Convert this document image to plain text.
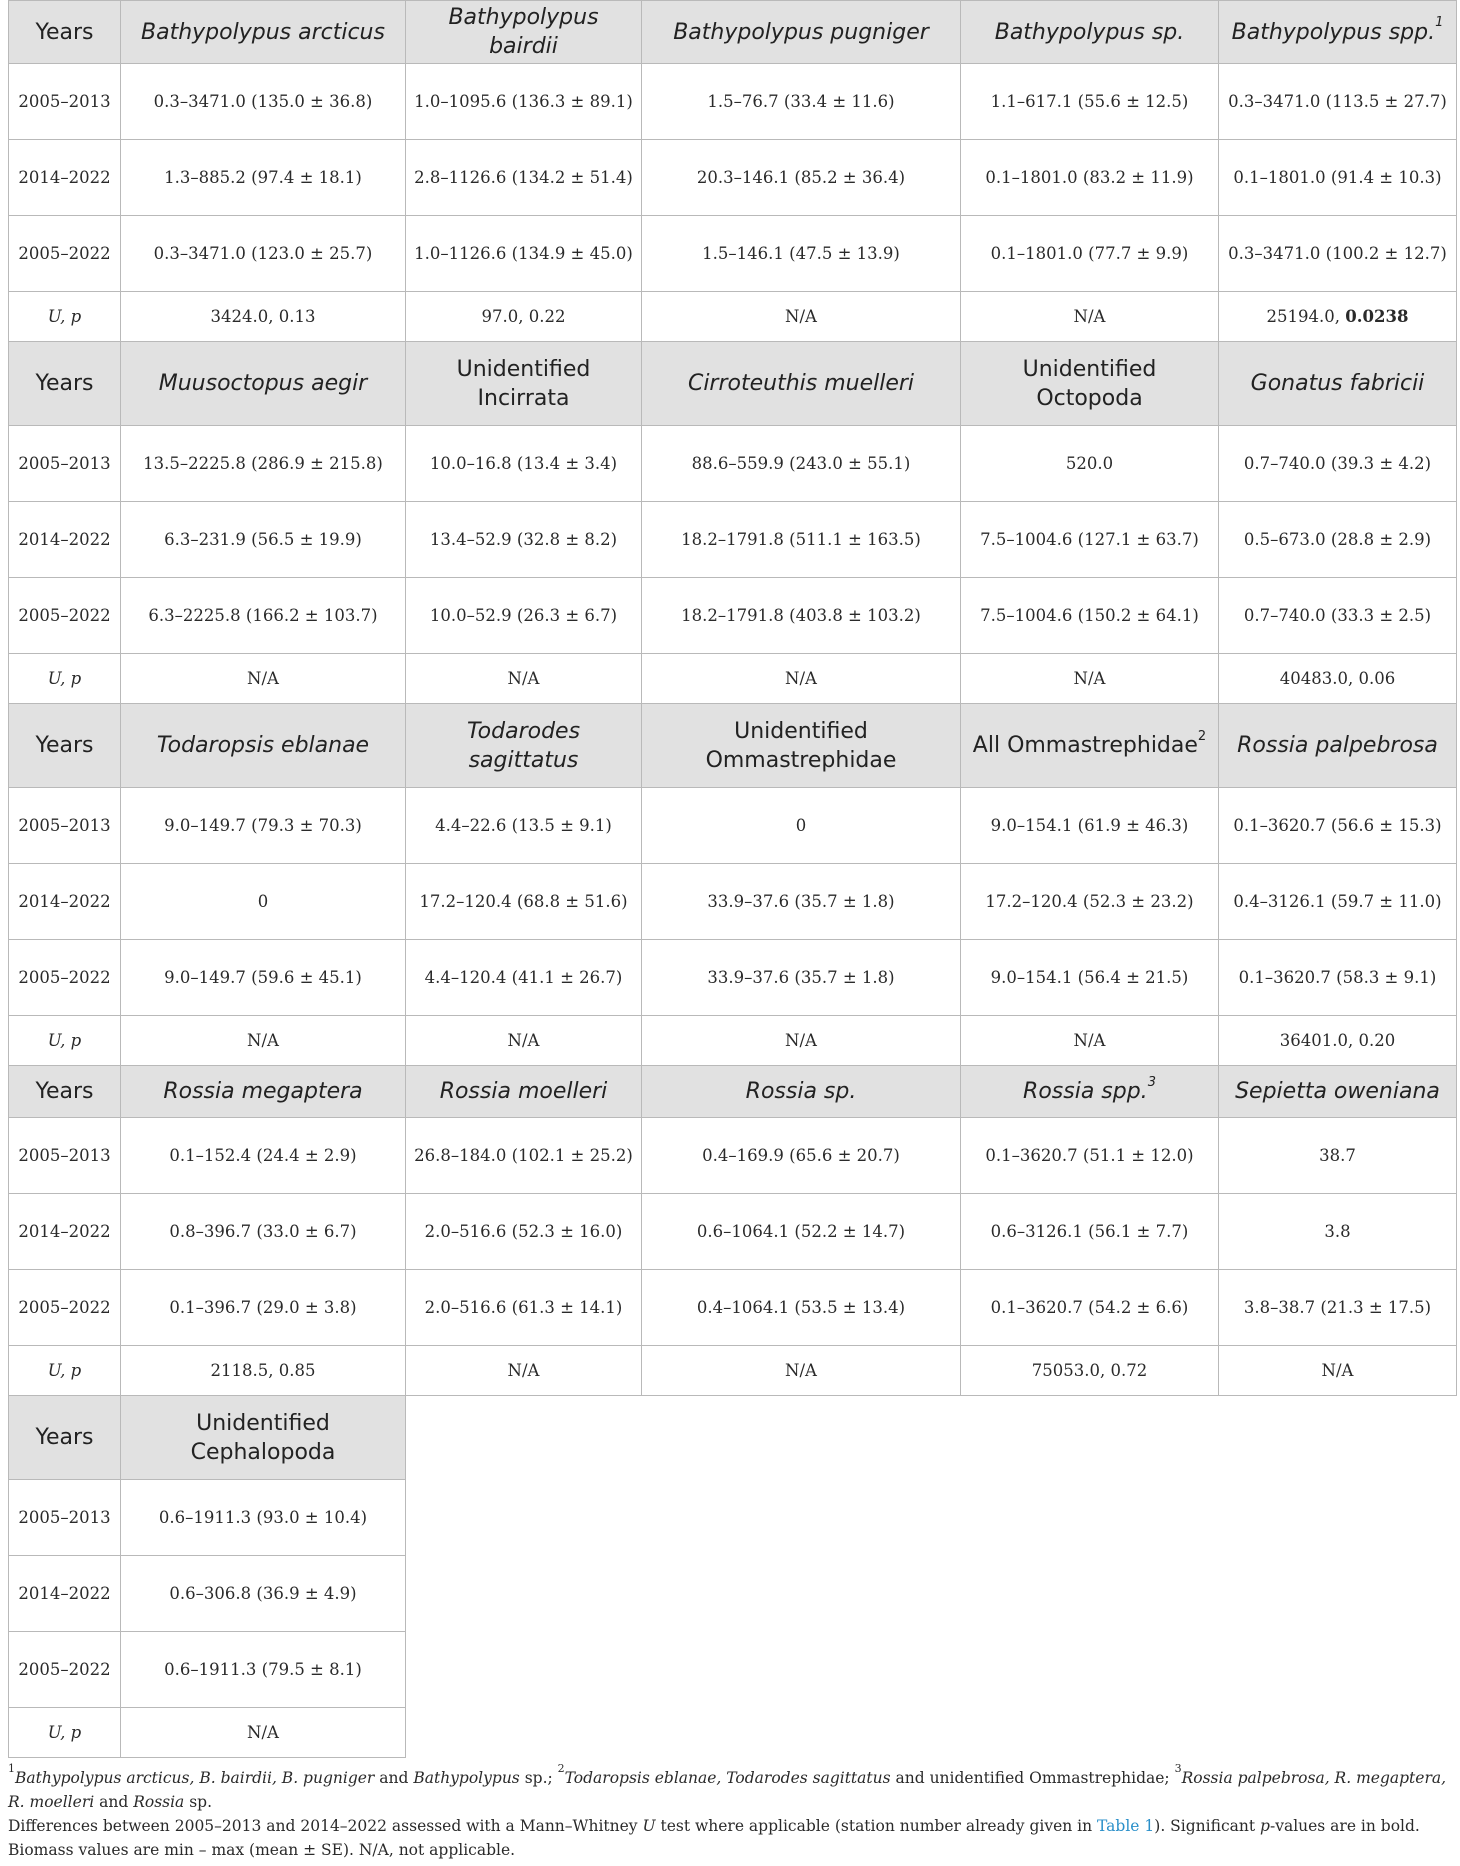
Years	Bathypolypus arcticus	Bathypolypus bairdii	Bathypolypus pugniger	Bathypolypus sp.	Bathypolypus spp.$^1$
2005–2013	0.3–3471.0 (135.0 ± 36.8)	1.0–1095.6 (136.3 ± 89.1)	1.5–76.7 (33.4 ± 11.6)	1.1–617.1 (55.6 ± 12.5)	0.3–3471.0 (113.5 ± 27.7)
2014–2022	1.3–885.2 (97.4 ± 18.1)	2.8–1126.6 (134.2 ± 51.4)	20.3–146.1 (85.2 ± 36.4)	0.1–1801.0 (83.2 ± 11.9)	0.1–1801.0 (91.4 ± 10.3)
2005–2022	0.3–3471.0 (123.0 ± 25.7)	1.0–1126.6 (134.9 ± 45.0)	1.5–146.1 (47.5 ± 13.9)	0.1–1801.0 (77.7 ± 9.9)	0.3–3471.0 (100.2 ± 12.7)
U, p	3424.0, 0.13	97.0, 0.22	N/A	N/A	25194.0, 0.0238
Years	Muusoctopus aegir	Unidentified Incirrata	Cirroteuthis muelleri	Unidentified Octopoda	Gonatus fabricii
2005–2013	13.5–2225.8 (286.9 ± 215.8)	10.0–16.8 (13.4 ± 3.4)	88.6–559.9 (243.0 ± 55.1)	520.0	0.7–740.0 (39.3 ± 4.2)
2014–2022	6.3–231.9 (56.5 ± 19.9)	13.4–52.9 (32.8 ± 8.2)	18.2–1791.8 (511.1 ± 163.5)	7.5–1004.6 (127.1 ± 63.7)	0.5–673.0 (28.8 ± 2.9)
2005–2022	6.3–2225.8 (166.2 ± 103.7)	10.0–52.9 (26.3 ± 6.7)	18.2–1791.8 (403.8 ± 103.2)	7.5–1004.6 (150.2 ± 64.1)	0.7–740.0 (33.3 ± 2.5)
U, p	N/A	N/A	N/A	N/A	40483.0, 0.06
Years	Todaropsis eblanae	Todarodes sagittatus	Unidentified Ommastrephidae	All Ommastrephidae$^2$	Rossia palpebrosa
2005–2013	9.0–149.7 (79.3 ± 70.3)	4.4–22.6 (13.5 ± 9.1)	0	9.0–154.1 (61.9 ± 46.3)	0.1–3620.7 (56.6 ± 15.3)
2014–2022	0	17.2–120.4 (68.8 ± 51.6)	33.9–37.6 (35.7 ± 1.8)	17.2–120.4 (52.3 ± 23.2)	0.4–3126.1 (59.7 ± 11.0)
2005–2022	9.0–149.7 (59.6 ± 45.1)	4.4–120.4 (41.1 ± 26.7)	33.9–37.6 (35.7 ± 1.8)	9.0–154.1 (56.4 ± 21.5)	0.1–3620.7 (58.3 ± 9.1)
U, p	N/A	N/A	N/A	N/A	36401.0, 0.20
Years	Rossia megaptera	Rossia moelleri	Rossia sp.	Rossia spp.$^3$	Sepietta oweniana
2005–2013	0.1–152.4 (24.4 ± 2.9)	26.8–184.0 (102.1 ± 25.2)	0.4–169.9 (65.6 ± 20.7)	0.1–3620.7 (51.1 ± 12.0)	38.7
2014–2022	0.8–396.7 (33.0 ± 6.7)	2.0–516.6 (52.3 ± 16.0)	0.6–1064.1 (52.2 ± 14.7)	0.6–3126.1 (56.1 ± 7.7)	3.8
2005–2022	0.1–396.7 (29.0 ± 3.8)	2.0–516.6 (61.3 ± 14.1)	0.4–1064.1 (53.5 ± 13.4)	0.1–3620.7 (54.2 ± 6.6)	3.8–38.7 (21.3 ± 17.5)
U, p	2118.5, 0.85	N/A	N/A	75053.0, 0.72	N/A
Years	Unidentified Cephalopoda				
2005–2013	0.6–1911.3 (93.0 ± 10.4)				
2014–2022	0.6–306.8 (36.9 ± 4.9)				
2005–2022	0.6–1911.3 (79.5 ± 8.1)				
U, p	N/A				

$^1$Bathypolypus arcticus, B. bairdii, B. pugniger and Bathypolypus sp.; $^2$Todaropsis eblanae, Todarodes sagittatus and unidentified Ommastrephidae; $^3$Rossia palpebrosa, R. megaptera, R. moelleri and Rossia sp.

Differences between 2005–2013 and 2014–2022 assessed with a Mann–Whitney U test where applicable (station number already given in Table 1). Significant p-values are in bold. Biomass values are min – max (mean ± SE). N/A, not applicable.
